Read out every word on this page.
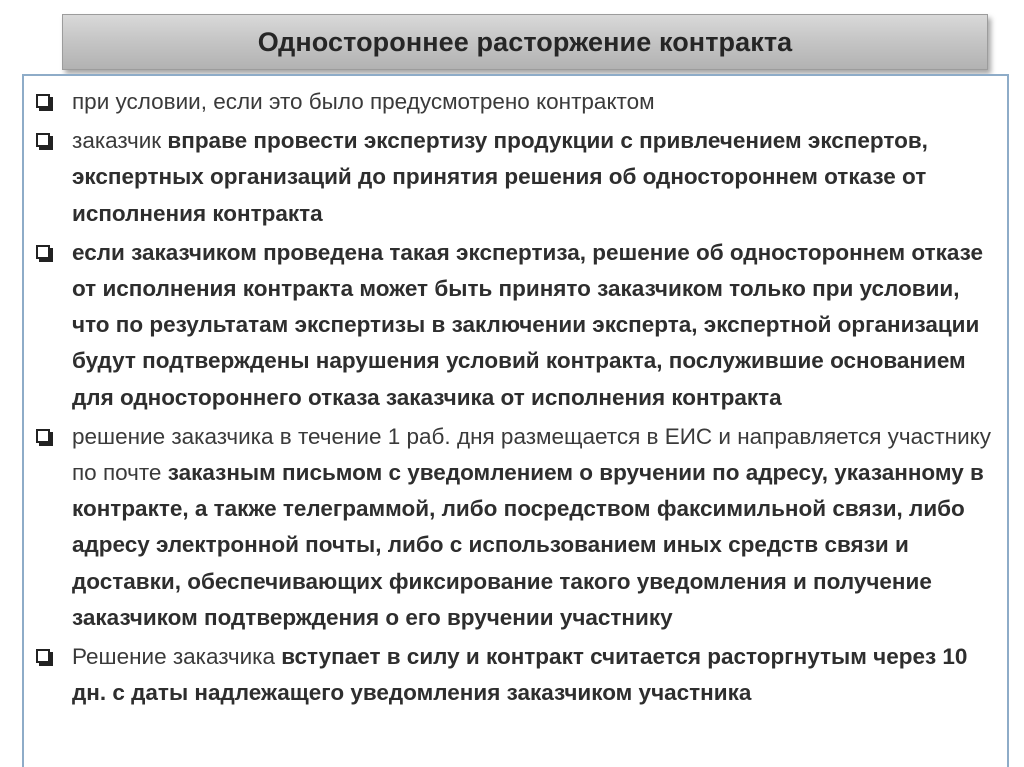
Одностороннее расторжение контракта
при условии, если это было предусмотрено контрактом
заказчик вправе провести экспертизу продукции с привлечением экспертов, экспертных организаций до принятия решения об одностороннем отказе от исполнения контракта
если заказчиком проведена такая экспертиза, решение об одностороннем отказе от исполнения контракта может быть принято заказчиком только при условии, что по результатам экспертизы в заключении эксперта, экспертной организации будут подтверждены нарушения условий контракта, послужившие основанием для одностороннего отказа заказчика от исполнения контракта
решение заказчика в течение 1 раб. дня размещается в ЕИС и направляется участнику по почте заказным письмом с уведомлением о вручении по адресу, указанному в контракте, а также телеграммой, либо посредством факсимильной связи, либо адресу электронной почты, либо с использованием иных средств связи и доставки, обеспечивающих фиксирование такого уведомления и получение заказчиком подтверждения о его вручении участнику
Решение заказчика вступает в силу и контракт считается расторгнутым через 10 дн. с даты надлежащего уведомления заказчиком участника
